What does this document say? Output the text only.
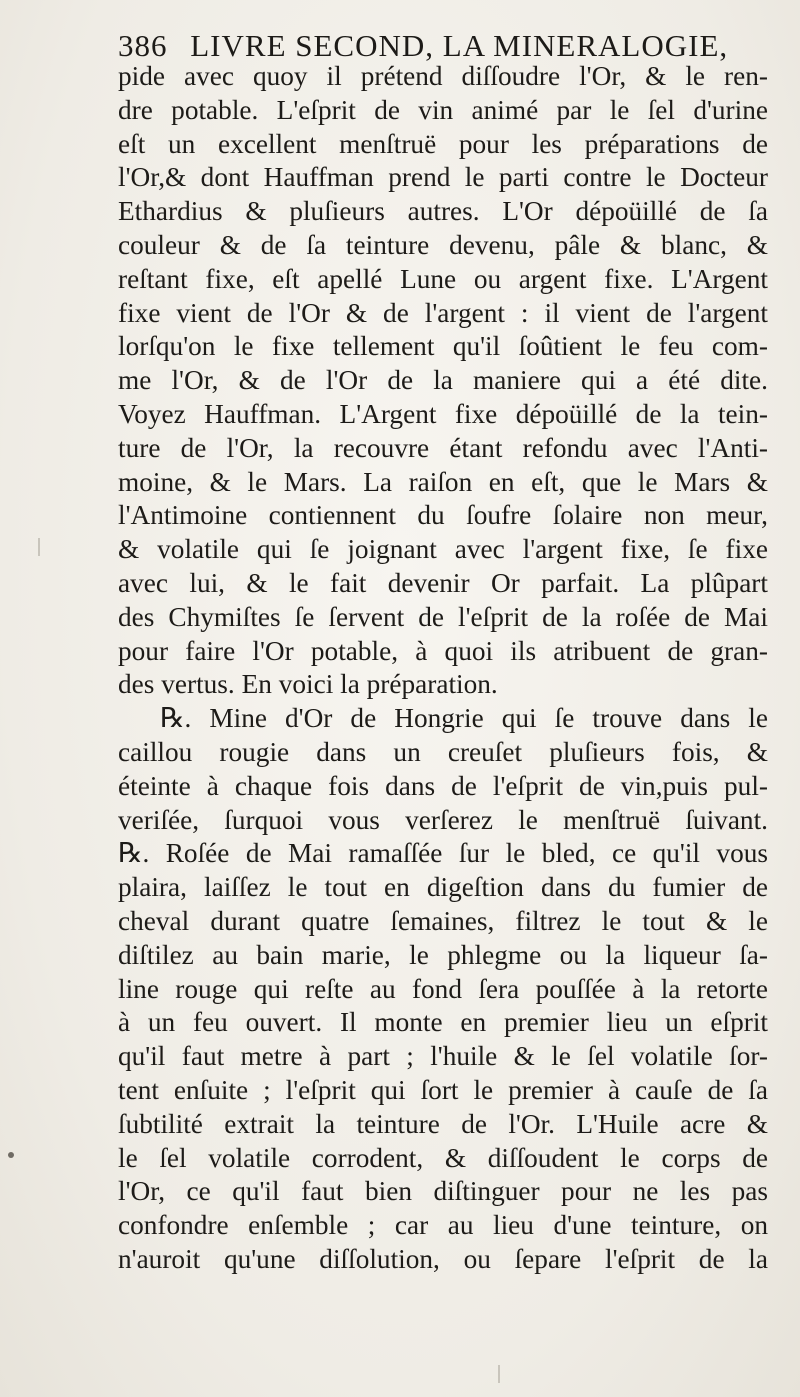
386 LIVRE SECOND, LA MINERALOGIE,
pide avec quoy il prétend diſſoudre l'Or, & le ren-
dre potable. L'eſprit de vin animé par le ſel d'urine
eſt un excellent menſtruë pour les préparations de
l'Or,& dont Hauffman prend le parti contre le Docteur
Ethardius & pluſieurs autres. L'Or dépoüillé de ſa
couleur & de ſa teinture devenu, pâle & blanc, &
reſtant fixe, eſt apellé Lune ou argent fixe. L'Argent
fixe vient de l'Or & de l'argent : il vient de l'argent
lorſqu'on le fixe tellement qu'il ſoûtient le feu com-
me l'Or, & de l'Or de la maniere qui a été dite.
Voyez Hauffman. L'Argent fixe dépoüillé de la tein-
ture de l'Or, la recouvre étant refondu avec l'Anti-
moine, & le Mars. La raiſon en eſt, que le Mars &
l'Antimoine contiennent du ſoufre ſolaire non meur,
& volatile qui ſe joignant avec l'argent fixe, ſe fixe
avec lui, & le fait devenir Or parfait. La plûpart
des Chymiſtes ſe ſervent de l'eſprit de la roſée de Mai
pour faire l'Or potable, à quoi ils atribuent de gran-
des vertus. En voici la préparation.
℞. Mine d'Or de Hongrie qui ſe trouve dans le
caillou rougie dans un creuſet pluſieurs fois, &
éteinte à chaque fois dans de l'eſprit de vin,puis pul-
veriſée, ſurquoi vous verſerez le menſtruë ſuivant.
℞. Roſée de Mai ramaſſée ſur le bled, ce qu'il vous
plaira, laiſſez le tout en digeſtion dans du fumier de
cheval durant quatre ſemaines, filtrez le tout & le
diſtilez au bain marie, le phlegme ou la liqueur ſa-
line rouge qui reſte au fond ſera pouſſée à la retorte
à un feu ouvert. Il monte en premier lieu un eſprit
qu'il faut metre à part ; l'huile & le ſel volatile ſor-
tent enſuite ; l'eſprit qui ſort le premier à cauſe de ſa
ſubtilité extrait la teinture de l'Or. L'Huile acre &
le ſel volatile corrodent, & diſſoudent le corps de
l'Or, ce qu'il faut bien diſtinguer pour ne les pas
confondre enſemble ; car au lieu d'une teinture, on
n'auroit qu'une diſſolution, ou ſepare l'eſprit de la
